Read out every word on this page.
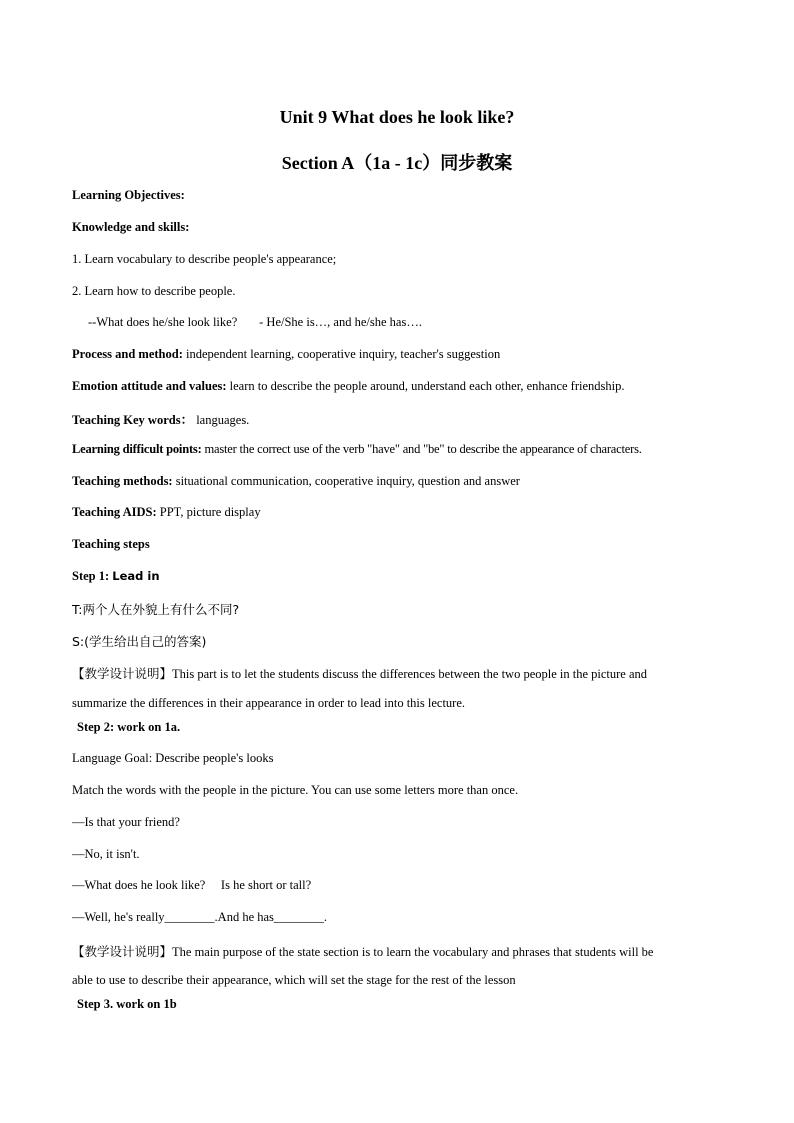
Unit 9 What does he look like?
Section A（1a - 1c）同步教案
Learning Objectives:
Knowledge and skills:
1. Learn vocabulary to describe people's appearance;
2. Learn how to describe people.
--What does he/she look like?       - He/She is…, and he/she has….
Process and method: independent learning, cooperative inquiry, teacher's suggestion
Emotion attitude and values: learn to describe the people around, understand each other, enhance friendship.
Teaching Key words： languages.
Learning difficult points: master the correct use of the verb "have" and "be" to describe the appearance of characters.
Teaching methods: situational communication, cooperative inquiry, question and answer
Teaching AIDS: PPT, picture display
Teaching steps
Step 1: Lead in
T:两个人在外貌上有什么不同?
S:(学生给出自己的答案)
【教学设计说明】This part is to let the students discuss the differences between the two people in the picture and
summarize the differences in their appearance in order to lead into this lecture.
Step 2: work on 1a.
Language Goal: Describe people's looks
Match the words with the people in the picture. You can use some letters more than once.
—Is that your friend?
—No, it isn't.
—What does he look like?     Is he short or tall?
—Well, he's really________.And he has________.
【教学设计说明】The main purpose of the state section is to learn the vocabulary and phrases that students will be
able to use to describe their appearance, which will set the stage for the rest of the lesson
Step 3. work on 1b
